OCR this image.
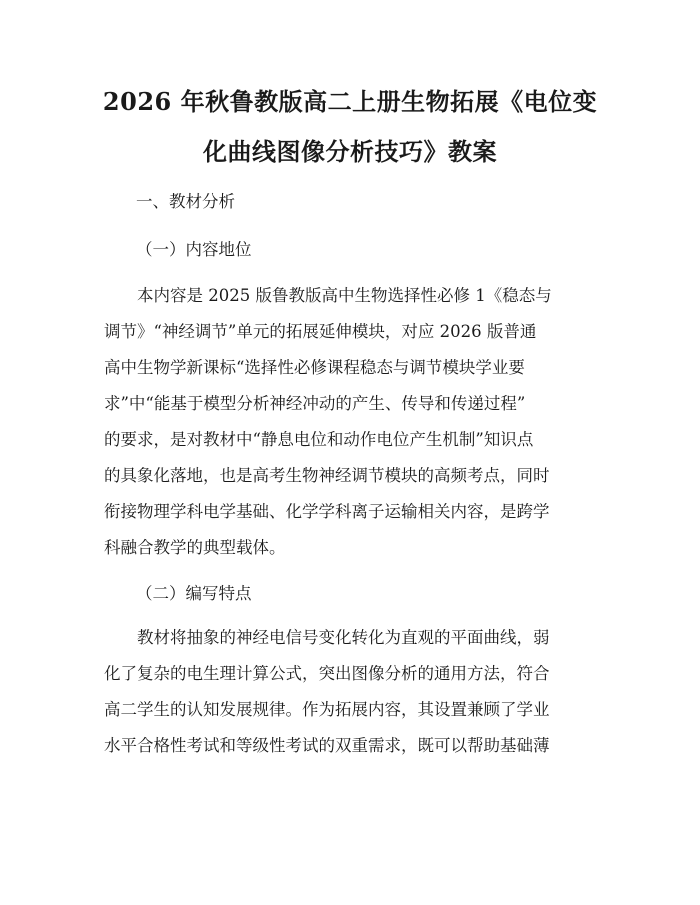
2026 年秋鲁教版高二上册生物拓展《电位变
化曲线图像分析技巧》教案
一、教材分析
（一）内容地位
本内容是 2025 版鲁教版高中生物选择性必修 1《稳态与
调节》“神经调节”单元的拓展延伸模块，对应 2026 版普通
高中生物学新课标“选择性必修课程稳态与调节模块学业要
求”中“能基于模型分析神经冲动的产生、传导和传递过程”
的要求，是对教材中“静息电位和动作电位产生机制”知识点
的具象化落地，也是高考生物神经调节模块的高频考点，同时
衔接物理学科电学基础、化学学科离子运输相关内容，是跨学
科融合教学的典型载体。
（二）编写特点
教材将抽象的神经电信号变化转化为直观的平面曲线，弱
化了复杂的电生理计算公式，突出图像分析的通用方法，符合
高二学生的认知发展规律。作为拓展内容，其设置兼顾了学业
水平合格性考试和等级性考试的双重需求，既可以帮助基础薄
